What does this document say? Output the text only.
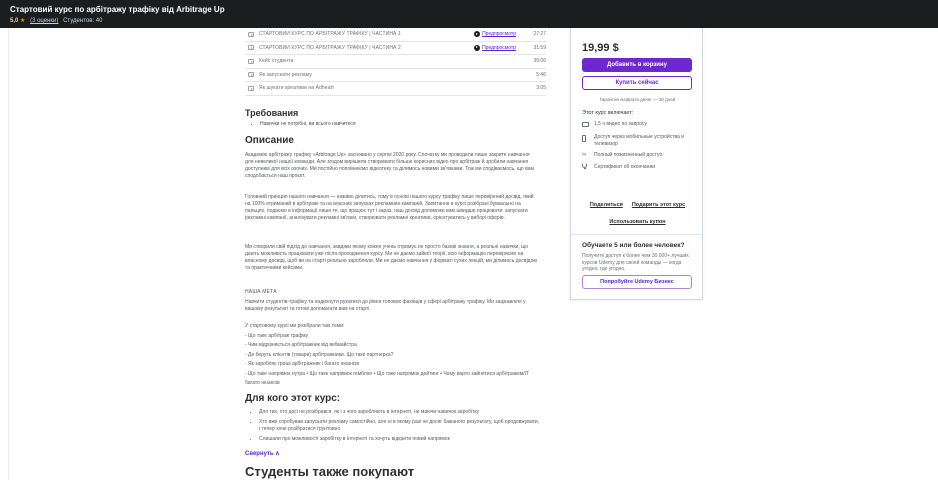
Стартовий курс по арбітражу трафіку від Arbitrage Up
5,0 ★ (3 оценки) Студентов: 40
СТАРТОВИЙ КУРС ПО АРБІТРАЖУ ТРАФІКУ | ЧАСТИНА 1	Предпросмотр	27:27
СТАРТОВИЙ КУРС ПО АРБІТРАЖУ ТРАФІКУ | ЧАСТИНА 2	Предпросмотр	31:59
Кейс студента	35:06
Як запускати рекламу	5:46
Як шукати креативи на Adheart	3:05
Требования
• Навички не потрібні, ви всього навчитеся
Описание
Академію арбітражу трафіку «Arbitrage Up» засновано у серпні 2020 року. Спочатку ми проводили лише закрите навчання для невеликої нашої команди. Але згодом вирішили створювати більше корисних відео про арбітраж й зробили навчання доступним для всіх охочих. Ми постійно поповнюємо відеотеку та ділимось новими зв'язками. Тож ми сподіваємось, що вам сподобається наш проєкт.
Головний принцип нашого навчання — наживо ділитись, тому в основі нашого курсу трафіку лише перевірений досвід, який на 100% отриманий в арбітражі та на власних запусках рекламних кампаній. Запитання в курсі розібрані буквально на пальцях, подаємо в інформації лише те, що працює тут і зараз, наш досвід допоможе вам швидше працювати: запускати рекламні кампанії, аналізувати рекламні зв'язки, створювати рекламні креативи, орієнтуватись у виборі оферів.
Ми створили свій підхід до навчання, завдяки якому кожен учень отримує не просто базові знання, а реальні навички, що дають можливість працювати уже після проходження курсу. Ми не даємо зайвої теорії, всю інформацію перевіряємо на власному досвіді, щоб ви на старті реально заробляли. Ми не даємо навчання у форматі сухих лекцій, ми ділимось досвідом та практичними кейсами.
НАША МЕТА
Навчити студентів-трафіку та надихнути рухатися до рівня топових фахівців у сфері арбітражу трафіку. Ми зацікавлені у вашому результаті та готові допомагати вам на старті.
У стартовому курсі ми розібрали такі теми:
- Що таке арбітраж трафіку
- Чим відрізняється арбітражник від вебмайстра
- Де беруть клієнтів (товари) арбітражники. Що таке партнерка?
- Як заробляє гроші арбітражник і багато нюансів
- Що таке напрямок нутра • Що таке напрямок гемблінг • Що таке напрямок дейтинг • Чому варто зайнятися арбітражем/IT багато нюансів
Для кого этот курс:
• Для тих, хто досі не розібрався, як і з чого заробляють в інтернеті, не маючи навичок заробітку
• Хто вже спробував запускати рекламу самостійно, але ні в якому разі не досяг бажаного результату, щоб продовжувати, і тепер хоче розібратися ґрунтовно
• Слишали про можливості заробітку в інтернеті та хочуть відкрити новий напрямок
Свернуть ∧
Студенты также покупают
19,99 $
Добавить в корзину
Купить сейчас
Гарантия возврата денег — 30 дней
Этот курс включает:
1,5 ч видео по запросу
Доступ через мобильные устройства и телевизор
∞	Полный пожизненный доступ
Сертификат об окончании
Поделиться Подарить этот курс
Использовать купон
Обучаете 5 или более человек?
Получите доступ к более чем 30 000+ лучших курсов Udemy для своей команды — когда угодно, где угодно.
Попробуйте Udemy Бизнес
